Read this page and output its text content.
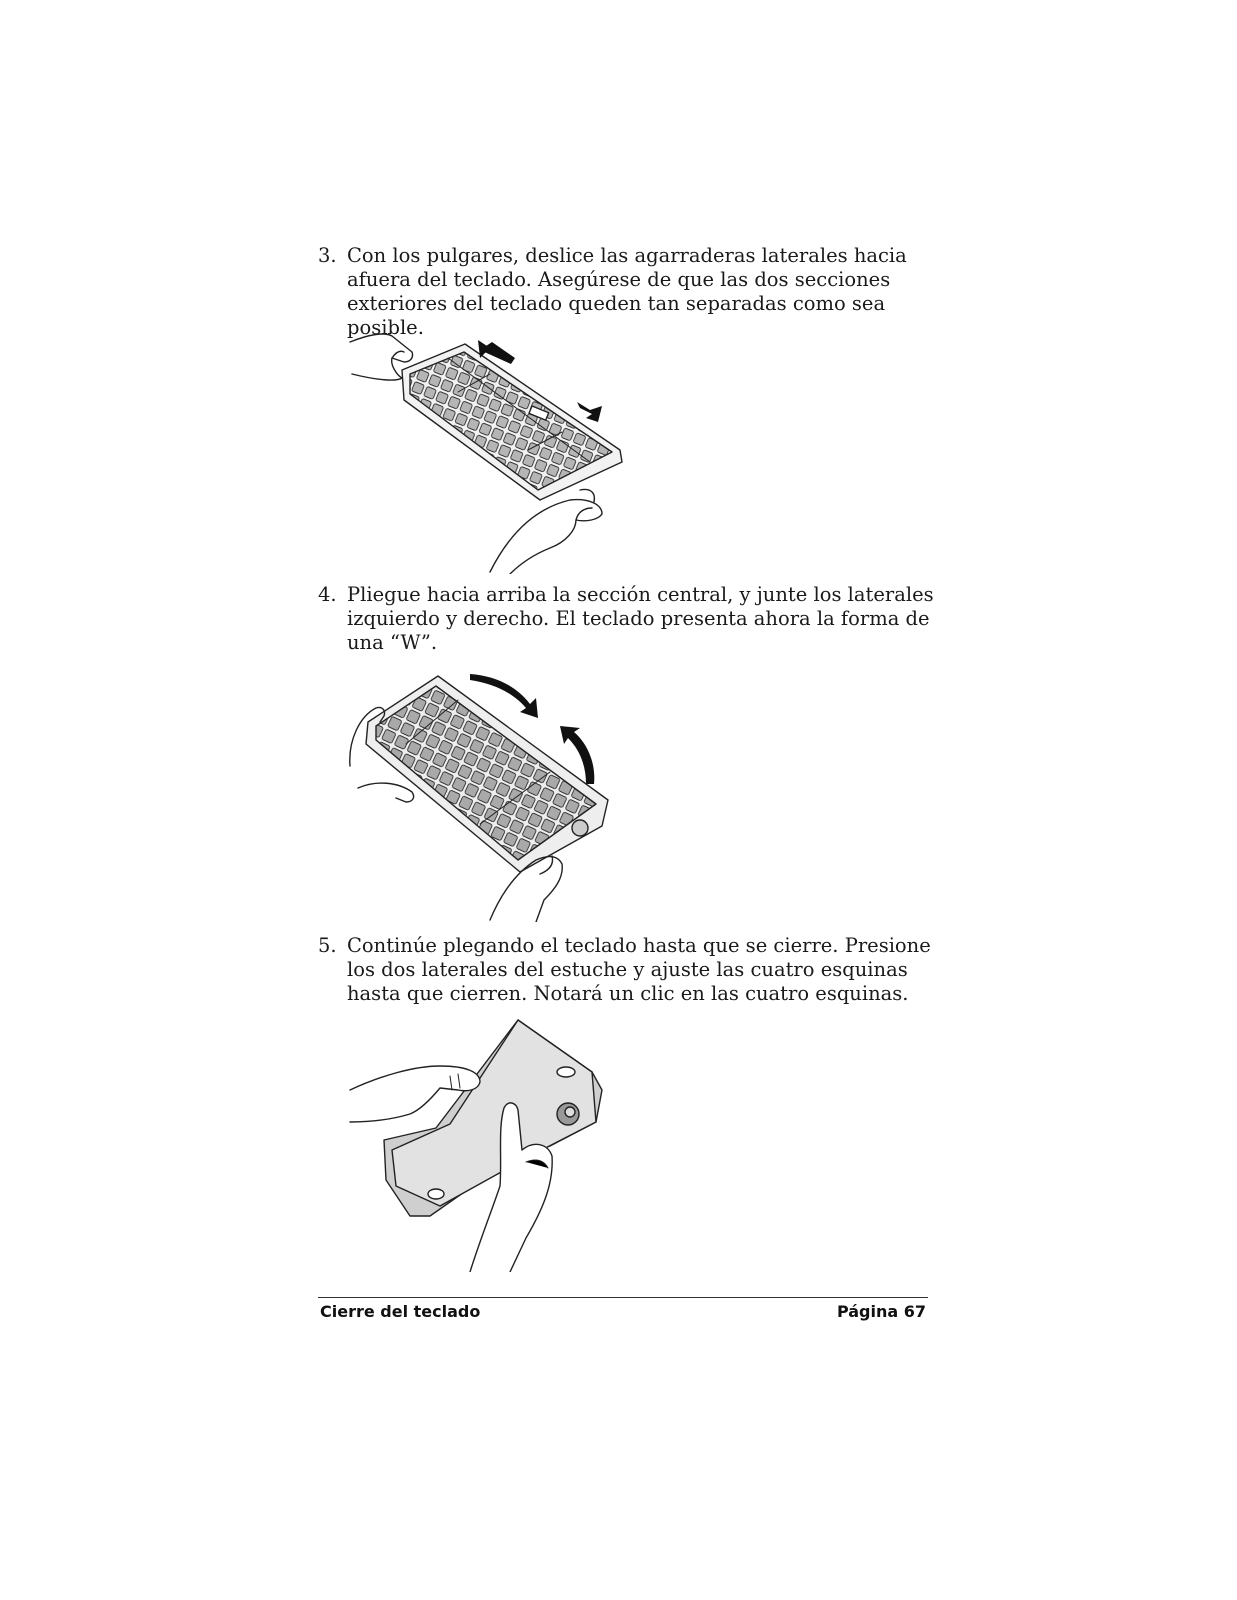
3. Con los pulgares, deslice las agarraderas laterales hacia afuera del teclado. Asegúrese de que las dos secciones exteriores del teclado queden tan separadas como sea posible.
4. Pliegue hacia arriba la sección central, y junte los laterales izquierdo y derecho. El teclado presenta ahora la forma de una “W”.
5. Continúe plegando el teclado hasta que se cierre. Presione los dos laterales del estuche y ajuste las cuatro esquinas hasta que cierren. Notará un clic en las cuatro esquinas.
Cierre del teclado	Página 67
